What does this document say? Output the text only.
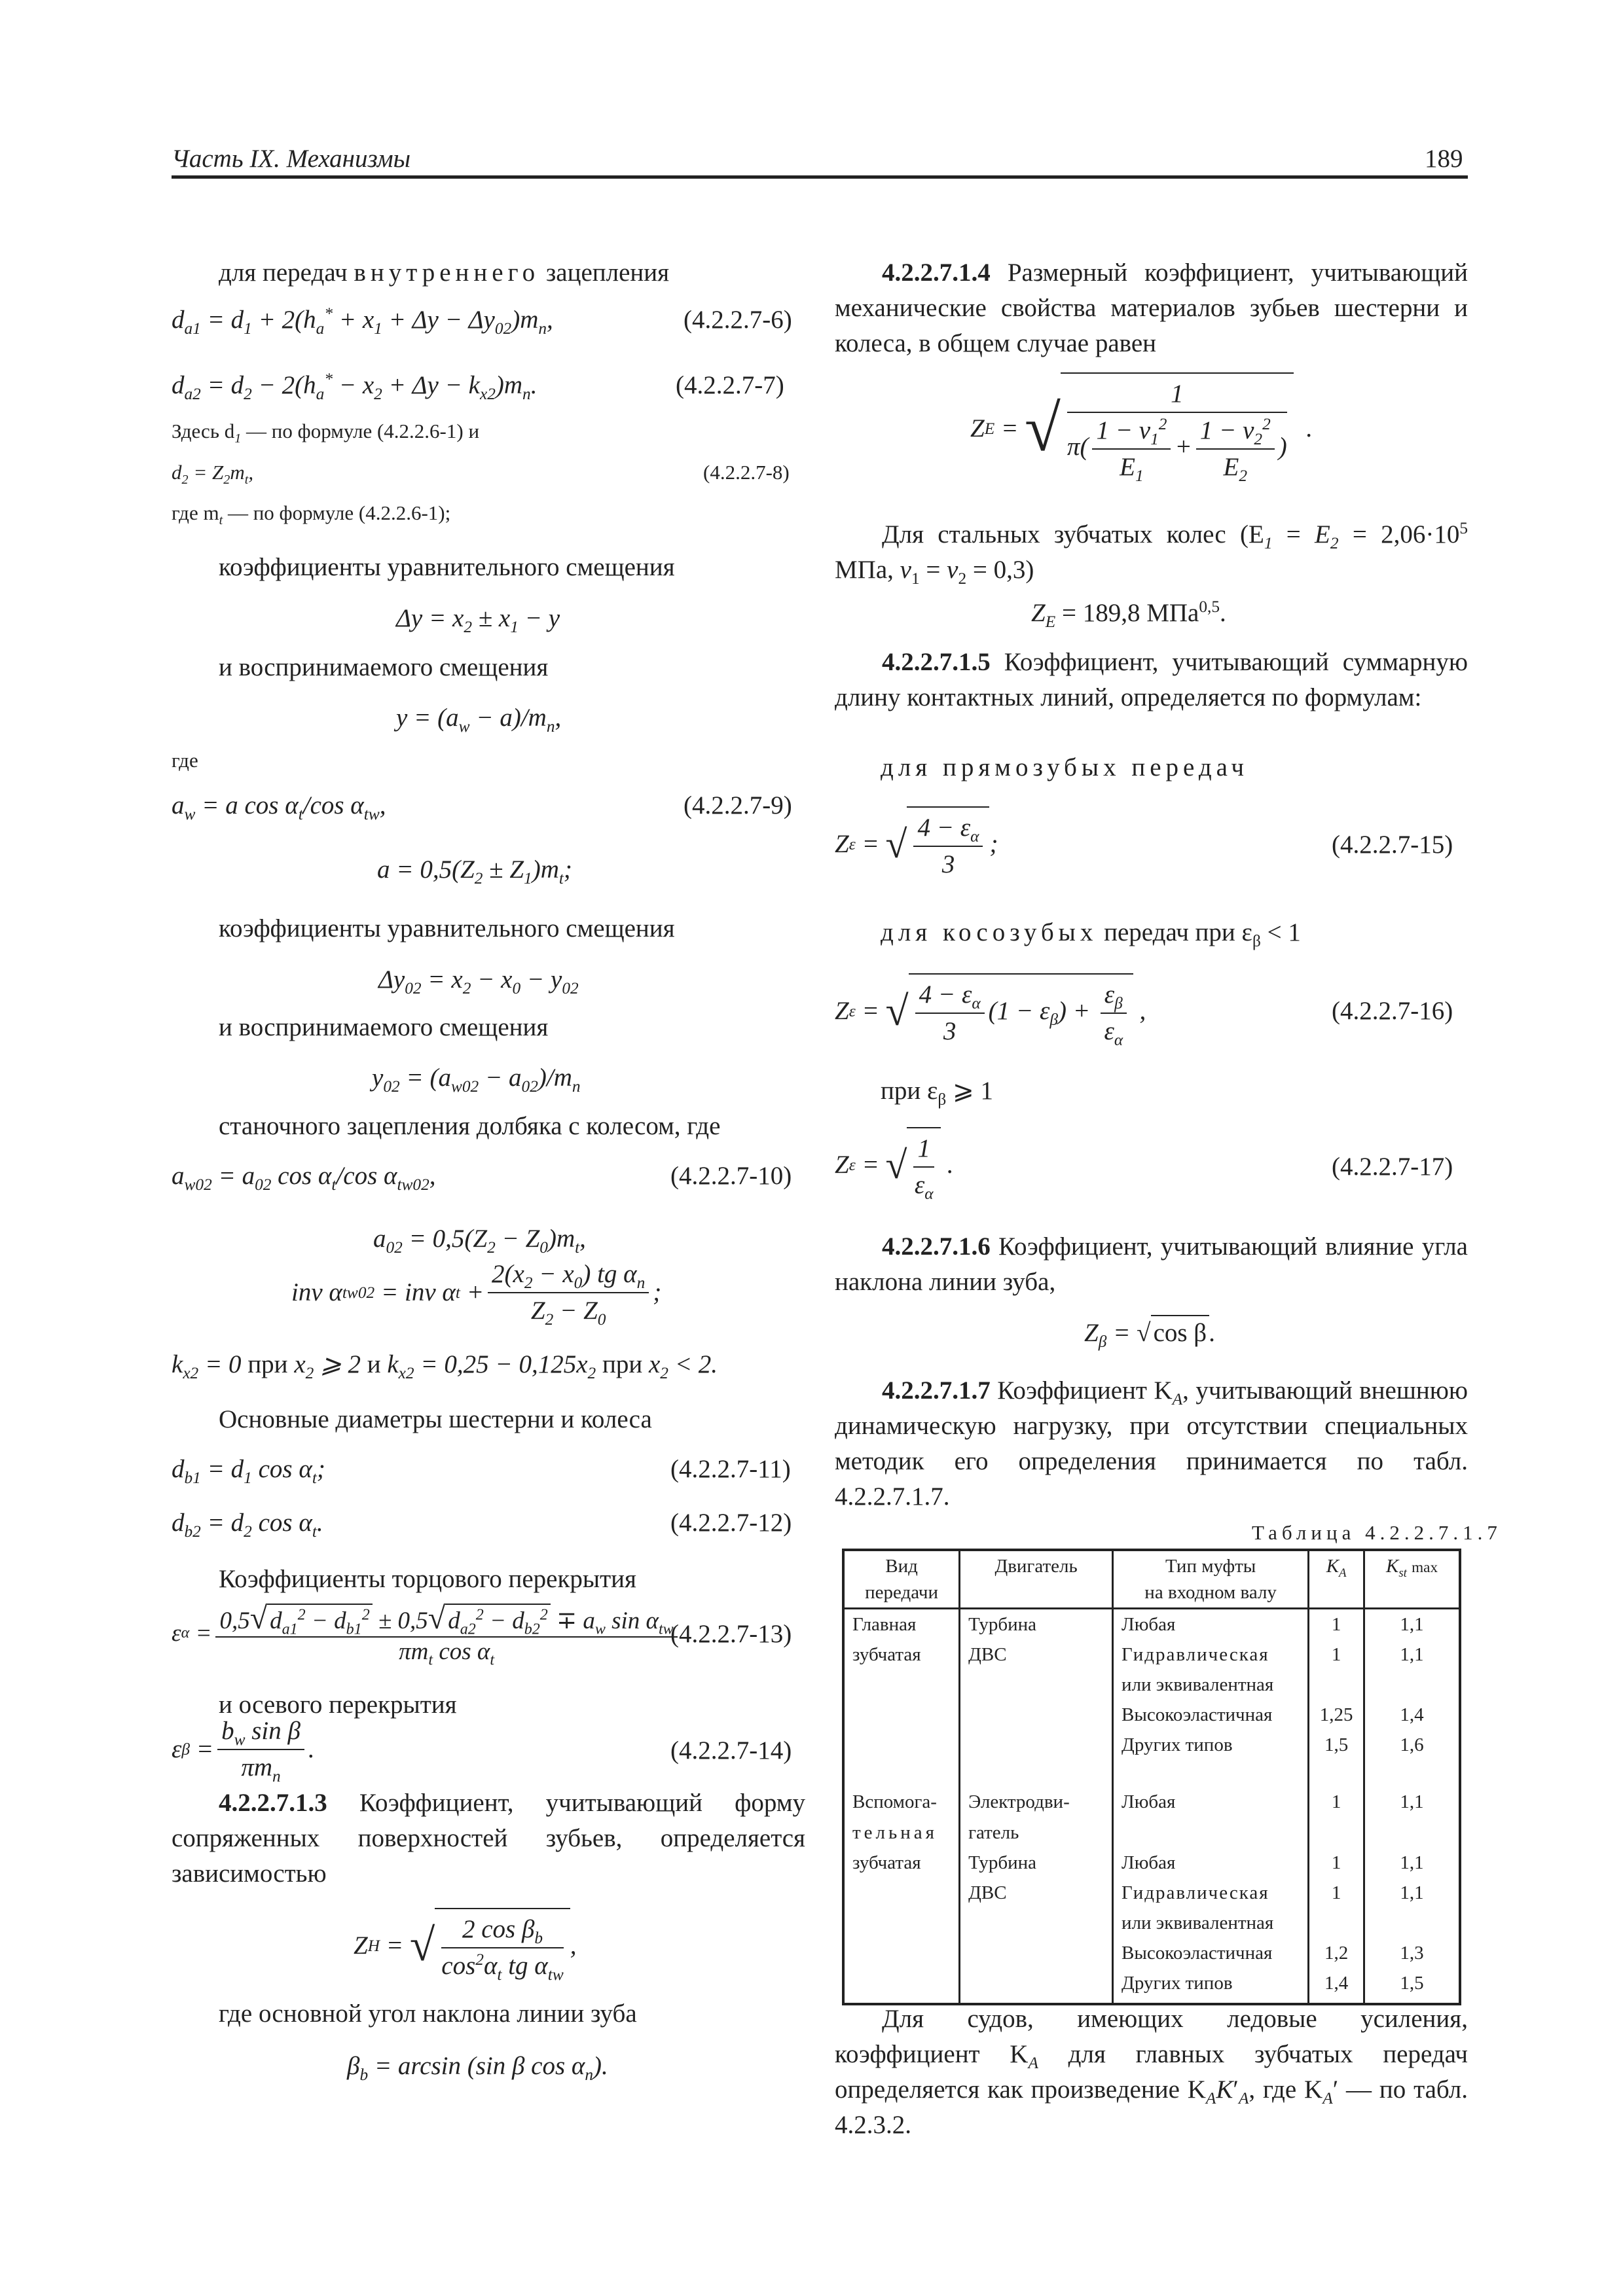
Часть IX. Механизмы	189
для передач внутреннего зацепления
$d_{a1} = d_1 + 2(h_a^* + x_1 + \Delta y - \Delta y_{02})m_n$,	(4.2.2.7-6)
$d_{a2} = d_2 - 2(h_a^* - x_2 + \Delta y - k_{x2})m_n$.	(4.2.2.7-7)
Здесь $d_1$ — по формуле (4.2.2.6-1) и
$d_2 = Z_2m_t$,	(4.2.2.7-8)
где $m_t$ — по формуле (4.2.2.6-1);
коэффициенты уравнительного смещения
$\Delta y = x_2 \pm x_1 - y$
и воспринимаемого смещения
$y = (a_w - a)/m_n$,
где
$a_w = a$ $\cos \alpha_t/\cos$ $\alpha_{tw}$,	(4.2.2.7-9)
$a = 0,5(Z_2 \pm Z_1)m_t$;
коэффициенты уравнительного смещения
$\Delta y_{02} = x_2 - x_0 - y_{02}$
и воспринимаемого смещения
$y_{02} = (a_{w02} - a_{02})/m_n$
станочного зацепления долбяка с колесом, где
$a_{w02} = a_{02}$ $\cos \alpha_t/\cos$ $\alpha_{tw02}$,	(4.2.2.7-10)
$a_{02} = 0,5(Z_2 - Z_0)m_t$,
inv α tw02 = inv α $t + \frac{2(x_2 - x_0) tg \alpha_n}{Z_2 - Z_0}$ ;
$k_{x2} = 0$ при $x_2$ ⩾ 2 и $k_{x2} = 0,25 - 0,125x_2$ при $x_2 < 2$.
Основные диаметры шестерни и колеса
$d_{b1} = d_1$ $\cos \alpha_t$;	(4.2.2.7-11)
$d_{b2} = d_2$ $\cos \alpha_t$.	(4.2.2.7-12)
Коэффициенты торцового перекрытия
ε $\alpha = \frac{0,5√ d_{a1}^2 - d_{b1}^2 \pm 0,5√ d_{a2}^2 - d_{b2}^2 \mp a_w \sin \alpha_{tw}}{\pi m_t \cos \alpha_t}$
(4.2.2.7-13)
и осевого перекрытия
ε $\beta = \frac{b_w \sin \beta}{\pi m_n}$ .	(4.2.2.7-14)
4.2.2.7.1.3 Коэффициент, учитывающий форму сопряженных поверхностей зубьев, определяется зависимостью
Z H = √ $\frac{2 \cos \beta_b}{\cos^2\alpha_t tg \alpha_{tw}}$ ,
где основной угол наклона линии зуба
$\beta_b = \arcsin (\sin$ β $\cos \alpha_n$).
4.2.2.7.1.4 Размерный коэффициент, учитывающий механические свойства материалов зубьев шестерни и колеса, в общем случае равен
Z E = √ $\frac{1}{\pi( \frac{1 - \nu_1^2}{E_1} + \frac{1 - \nu_2^2}{E_2} )}$ .
Для стальных зубчатых колес ($E_1 = E_2 = 2,06\cdot 10^5$ МПа, $v_1 = v_2 = 0,3$)
$Z_E = 189,8$ МПа$^{0,5}$.
4.2.2.7.1.5 Коэффициент, учитывающий суммарную длину контактных линий, определяется по формулам:
для прямозубых передач
Z ε = √ $\frac{4 - \varepsilon_\alpha}{3}$ ;	(4.2.2.7-15)
для косозубых передач при $\varepsilon_\beta < 1$
Z ε = √ $\frac{4 - \varepsilon_\alpha}{3} (1 - \varepsilon_\beta) + \frac{\varepsilon_\beta}{\varepsilon_\alpha}$ ,	(4.2.2.7-16)
при $\varepsilon_\beta$ ⩾ 1
Z ε = √ $\frac{1}{\varepsilon_\alpha}$ .	(4.2.2.7-17)
4.2.2.7.1.6 Коэффициент, учитывающий влияние угла наклона линии зуба,
$Z_\beta$ = √ cos β .
4.2.2.7.1.7 Коэффициент $K_A$, учитывающий внешнюю динамическую нагрузку, при отсутствии специальных методик его определения принимается по табл. 4.2.2.7.1.7.
Таблица 4.2.2.7.1.7
Вид
передачи	Двигатель	Тип муфты
на входном валу	$K_A$	$K_{st}$ max
Главная	Турбина	Любая	1	1,1
зубчатая	ДВС	Гидравлическая	1	1,1
		или эквивалентная		
		Высокоэластичная	1,25	1,4
		Других типов	1,5	1,6
Вспомога-	Электродви-	Любая	1	1,1
тельная	гатель			
зубчатая	Турбина	Любая	1	1,1
	ДВС	Гидравлическая	1	1,1
		или эквивалентная		
		Высокоэластичная	1,2	1,3
		Других типов	1,4	1,5
Для судов, имеющих ледовые усиления, коэффициент $K_A$ для главных зубчатых передач определяется как произведение $K_AK'_A$, где $K_A'$ — по табл. 4.2.3.2.
